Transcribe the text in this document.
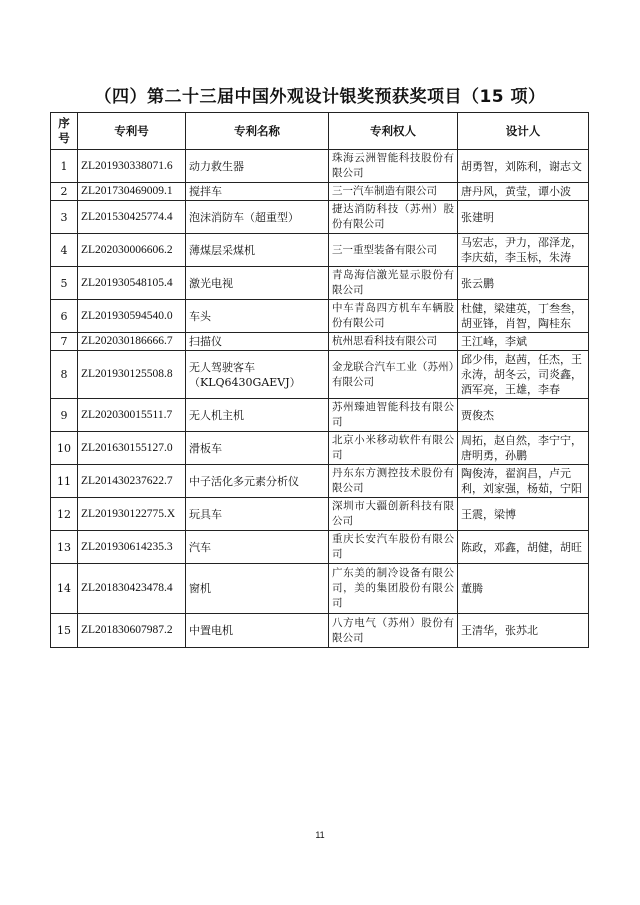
（四）第二十三届中国外观设计银奖预获奖项目（15 项）
序号	专利号	专利名称	专利权人	设计人
1	ZL201930338071.6	动力救生器	珠海云洲智能科技股份有限公司	胡勇智，刘陈利，谢志文
2	ZL201730469009.1	搅拌车	三一汽车制造有限公司	唐丹风，黄莹，谭小波
3	ZL201530425774.4	泡沫消防车（超重型）	捷达消防科技（苏州）股份有限公司	张建明
4	ZL202030006606.2	薄煤层采煤机	三一重型装备有限公司	马宏志，尹力，邵泽龙，李庆茹，李玉标，朱涛
5	ZL201930548105.4	激光电视	青岛海信激光显示股份有限公司	张云鹏
6	ZL201930594540.0	车头	中车青岛四方机车车辆股份有限公司	杜健，梁建英，丁叁叁，胡亚锋，肖智，陶桂东
7	ZL202030186666.7	扫描仪	杭州思看科技有限公司	王江峰，李斌
8	ZL201930125508.8	无人驾驶客车（KLQ6430GAEVJ）	金龙联合汽车工业（苏州）有限公司	邱少伟，赵茜，任杰，王永涛，胡冬云，司炎鑫，酒军亮，王雄，李春
9	ZL202030015511.7	无人机主机	苏州臻迪智能科技有限公司	贾俊杰
10	ZL201630155127.0	滑板车	北京小米移动软件有限公司	周拓，赵自然，李宁宁，唐明勇，孙鹏
11	ZL201430237622.7	中子活化多元素分析仪	丹东东方测控技术股份有限公司	陶俊涛，翟润昌，卢元利，刘家强，杨茹，宁阳
12	ZL201930122775.X	玩具车	深圳市大疆创新科技有限公司	王震，梁博
13	ZL201930614235.3	汽车	重庆长安汽车股份有限公司	陈政，邓鑫，胡健，胡旺
14	ZL201830423478.4	窗机	广东美的制冷设备有限公司，美的集团股份有限公司	董腾
15	ZL201830607987.2	中置电机	八方电气（苏州）股份有限公司	王清华，张苏北
11
